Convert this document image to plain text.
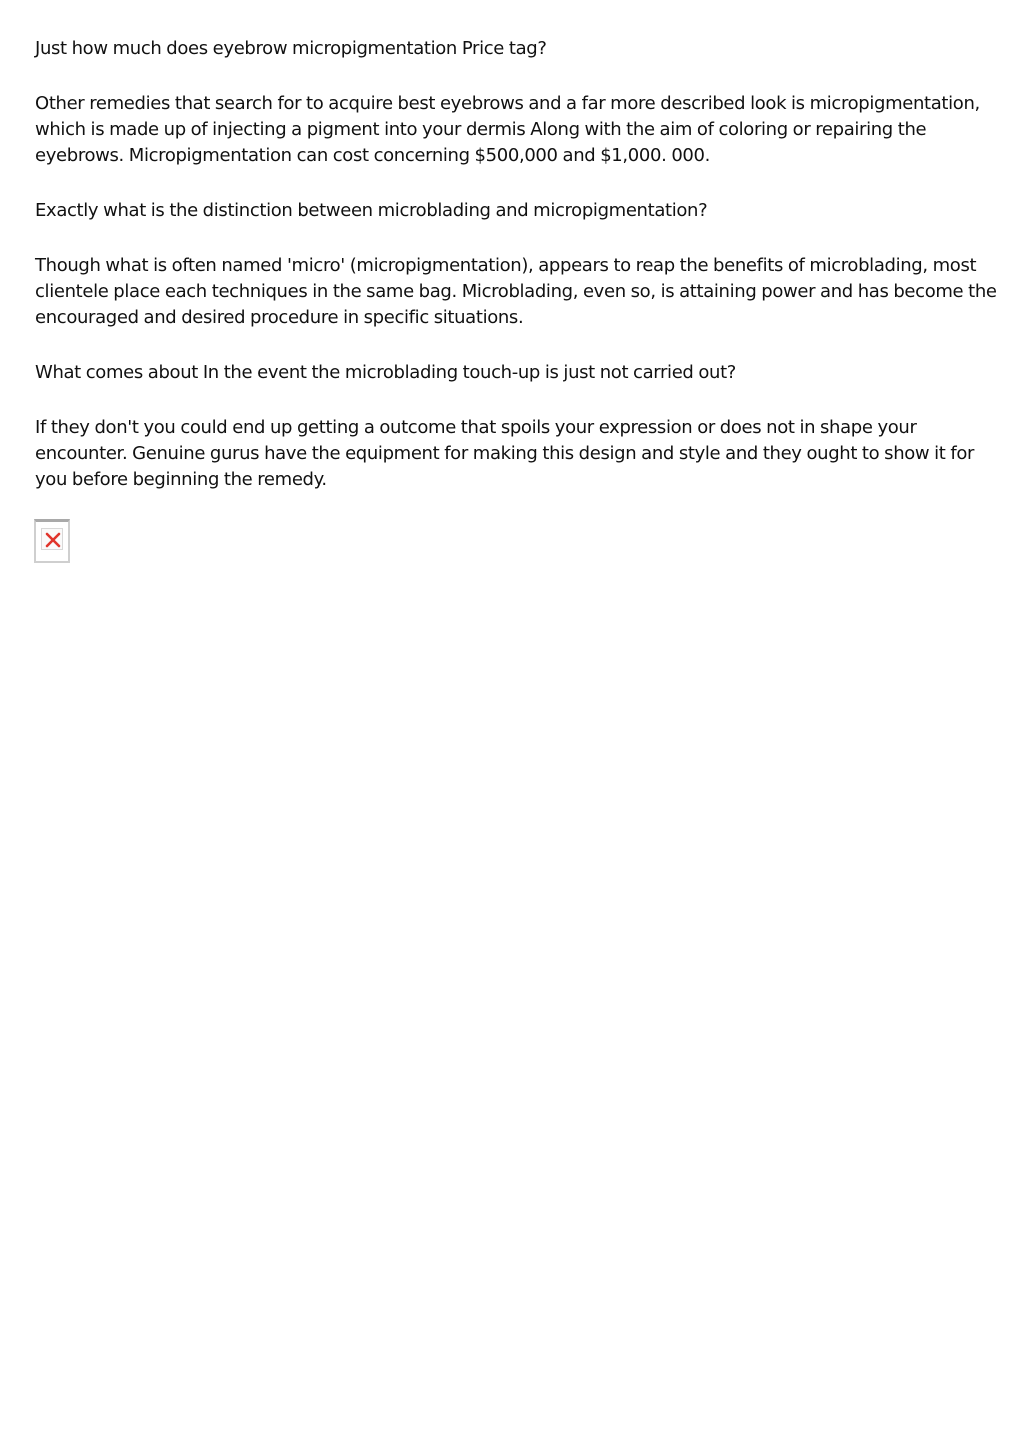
Just how much does eyebrow micropigmentation Price tag?

Other remedies that search for to acquire best eyebrows and a far more described look is micropigmentation, which is made up of injecting a pigment into your dermis Along with the aim of coloring or repairing the eyebrows. Micropigmentation can cost concerning $500,000 and $1,000. 000.

Exactly what is the distinction between microblading and micropigmentation?

Though what is often named 'micro' (micropigmentation), appears to reap the benefits of microblading, most clientele place each techniques in the same bag. Microblading, even so, is attaining power and has become the encouraged and desired procedure in specific situations.

What comes about In the event the microblading touch-up is just not carried out?

If they don't you could end up getting a outcome that spoils your expression or does not in shape your encounter. Genuine gurus have the equipment for making this design and style and they ought to show it for you before beginning the remedy.
